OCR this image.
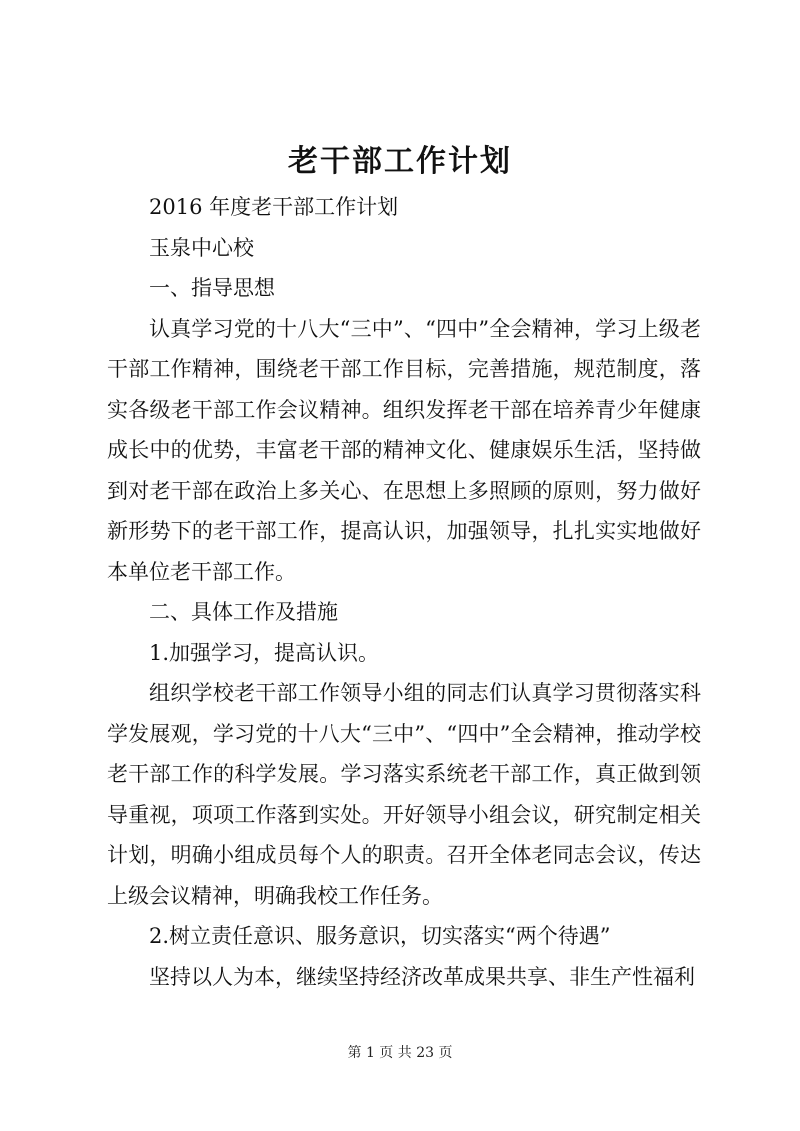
老干部工作计划

2016 年度老干部工作计划

玉泉中心校

一、指导思想

认真学习党的十八大“三中”、“四中”全会精神，学习上级老干部工作精神，围绕老干部工作目标，完善措施，规范制度，落实各级老干部工作会议精神。组织发挥老干部在培养青少年健康成长中的优势，丰富老干部的精神文化、健康娱乐生活，坚持做到对老干部在政治上多关心、在思想上多照顾的原则，努力做好新形势下的老干部工作，提高认识，加强领导，扎扎实实地做好本单位老干部工作。

二、具体工作及措施

1.加强学习，提高认识。

组织学校老干部工作领导小组的同志们认真学习贯彻落实科学发展观，学习党的十八大“三中”、“四中”全会精神，推动学校老干部工作的科学发展。学习落实系统老干部工作，真正做到领导重视，项项工作落到实处。开好领导小组会议，研究制定相关计划，明确小组成员每个人的职责。召开全体老同志会议，传达上级会议精神，明确我校工作任务。

2.树立责任意识、服务意识，切实落实“两个待遇”

坚持以人为本，继续坚持经济改革成果共享、非生产性福利

第 1 页 共 23 页
